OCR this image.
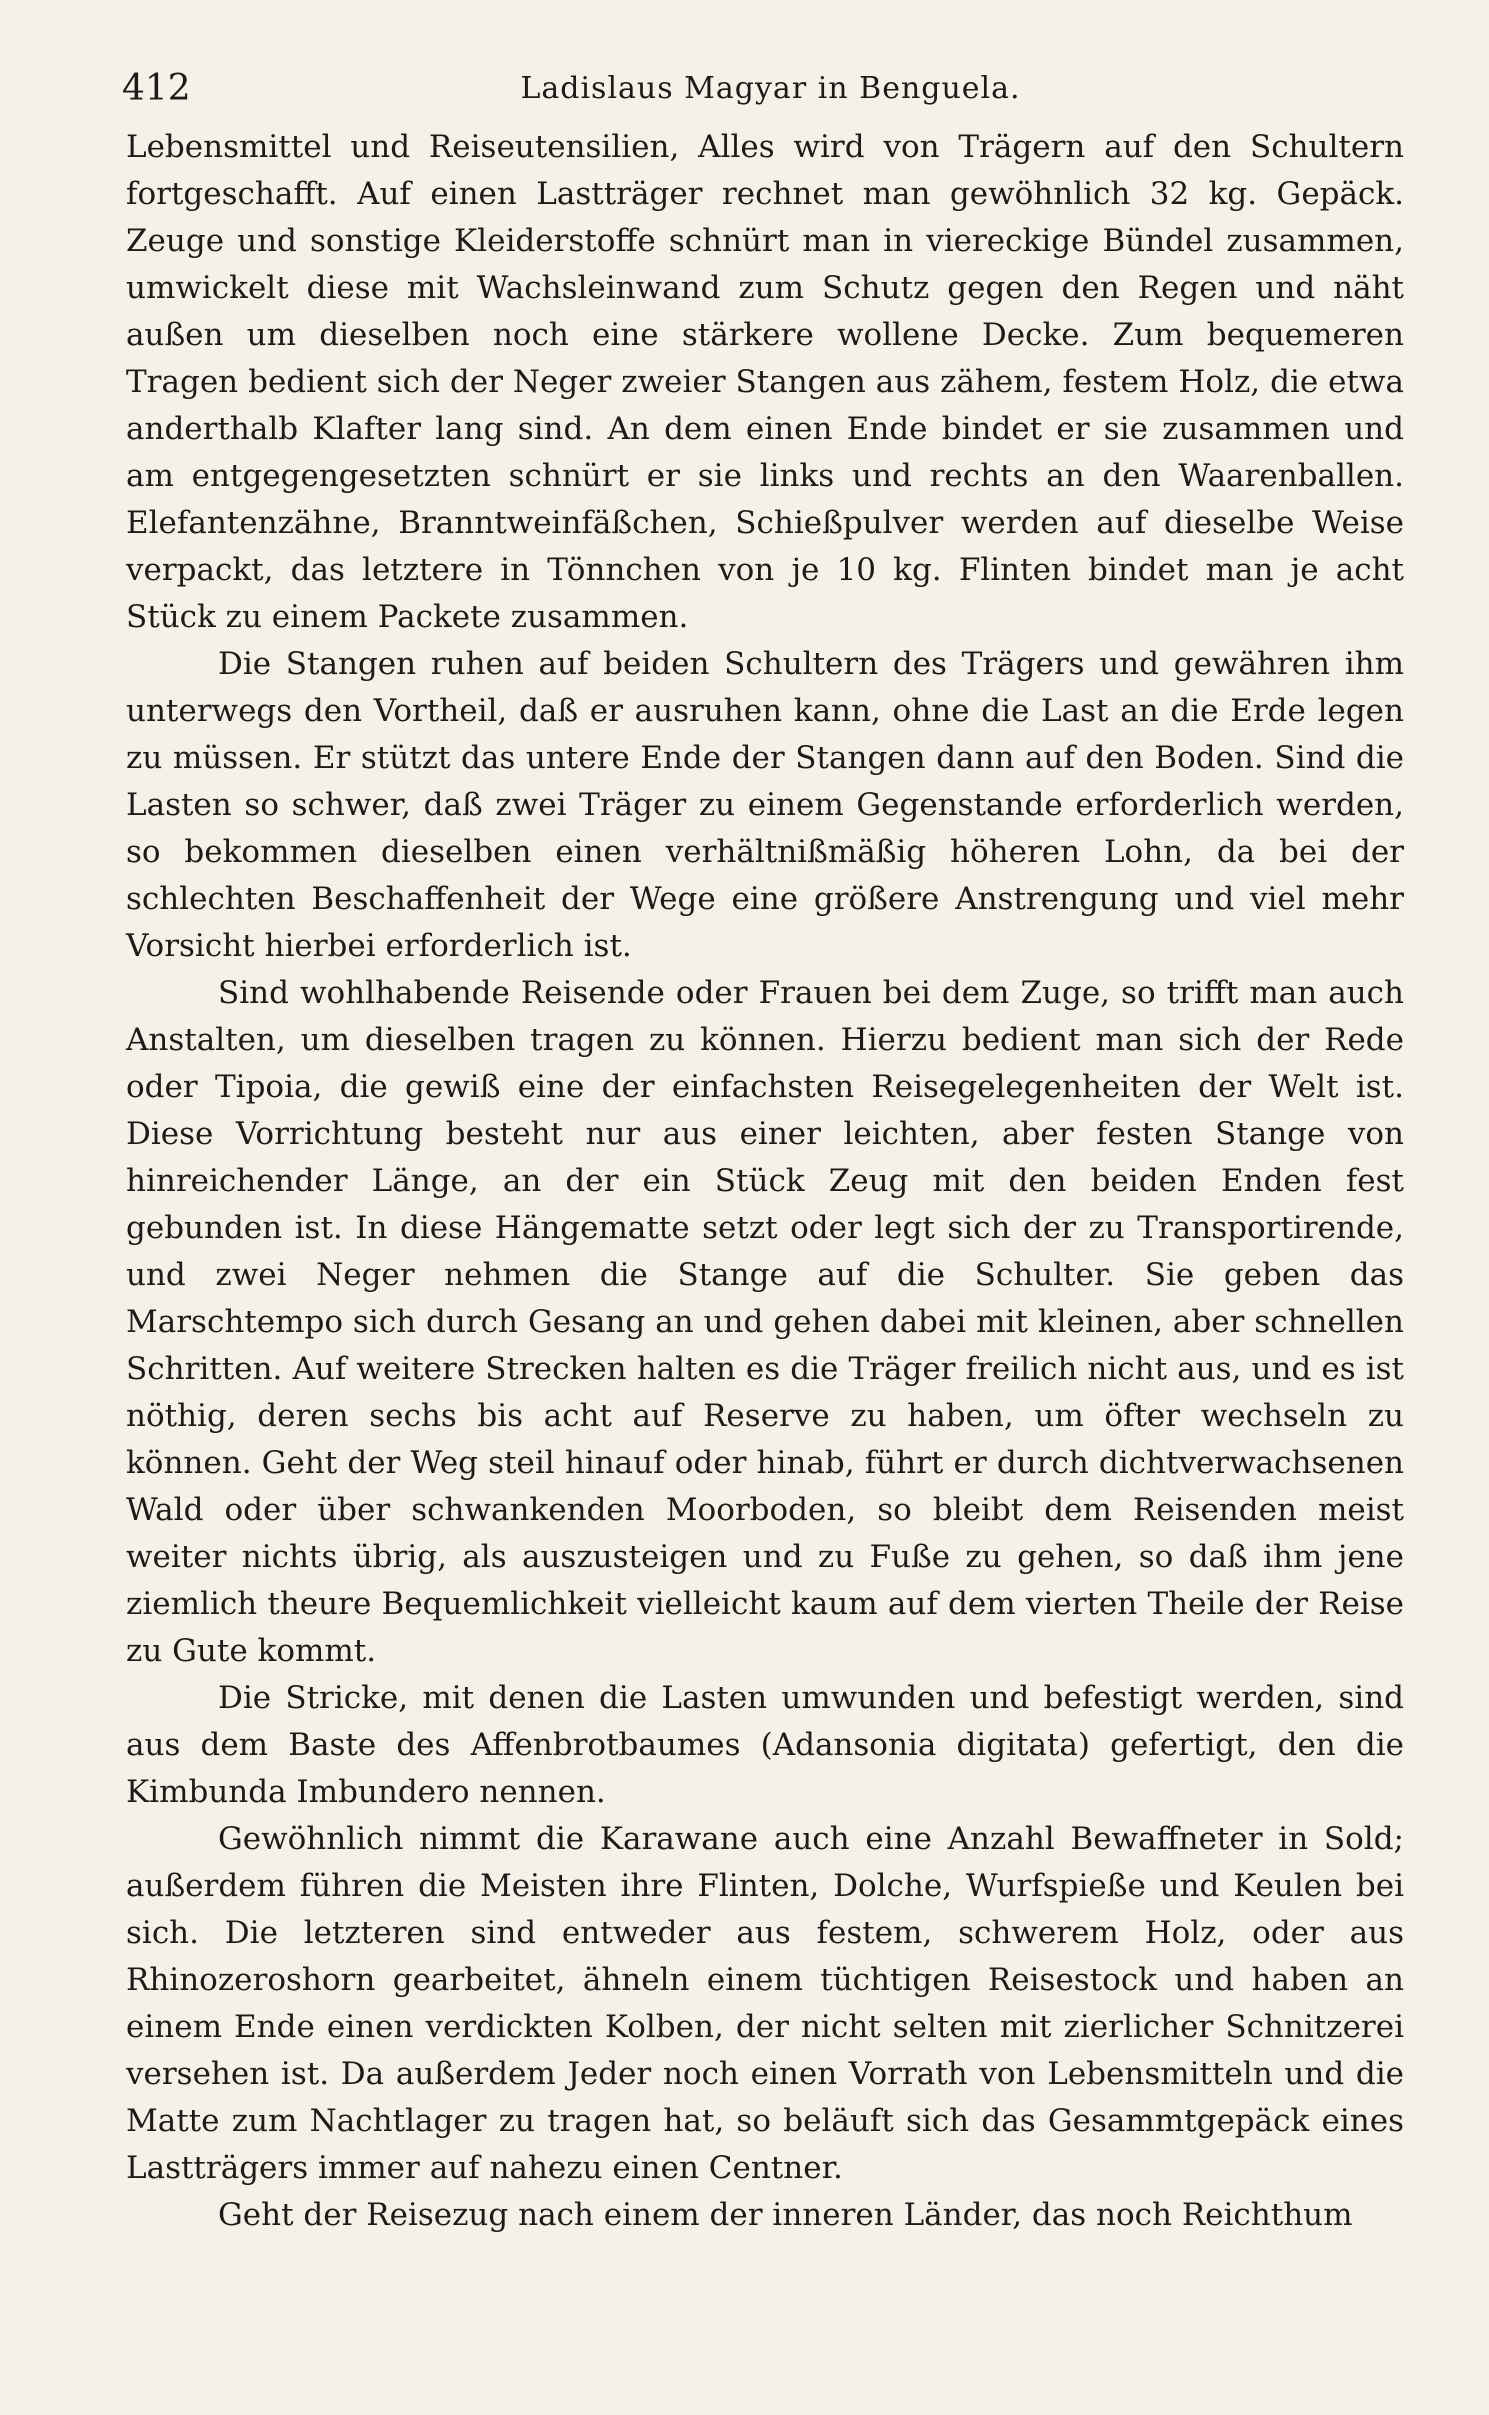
412	Ladislaus Magyar in Benguela.

Lebensmittel und Reiseutensilien, Alles wird von Trägern auf den Schultern fortgeschafft. Auf einen Lastträger rechnet man gewöhnlich 32 kg. Gepäck. Zeuge und sonstige Kleiderstoffe schnürt man in viereckige Bündel zusammen, umwickelt diese mit Wachsleinwand zum Schutz gegen den Regen und näht außen um dieselben noch eine stärkere wollene Decke. Zum bequemeren Tragen bedient sich der Neger zweier Stangen aus zähem, festem Holz, die etwa anderthalb Klafter lang sind. An dem einen Ende bindet er sie zusammen und am entgegengesetzten schnürt er sie links und rechts an den Waarenballen. Elefantenzähne, Branntweinfäßchen, Schießpulver werden auf dieselbe Weise verpackt, das letztere in Tönnchen von je 10 kg. Flinten bindet man je acht Stück zu einem Packete zusammen.

Die Stangen ruhen auf beiden Schultern des Trägers und gewähren ihm unterwegs den Vortheil, daß er ausruhen kann, ohne die Last an die Erde legen zu müssen. Er stützt das untere Ende der Stangen dann auf den Boden. Sind die Lasten so schwer, daß zwei Träger zu einem Gegenstande erforderlich werden, so bekommen dieselben einen verhältnißmäßig höheren Lohn, da bei der schlechten Beschaffenheit der Wege eine größere Anstrengung und viel mehr Vorsicht hierbei erforderlich ist.

Sind wohlhabende Reisende oder Frauen bei dem Zuge, so trifft man auch Anstalten, um dieselben tragen zu können. Hierzu bedient man sich der Rede oder Tipoia, die gewiß eine der einfachsten Reisegelegenheiten der Welt ist. Diese Vorrichtung besteht nur aus einer leichten, aber festen Stange von hinreichender Länge, an der ein Stück Zeug mit den beiden Enden fest gebunden ist. In diese Hängematte setzt oder legt sich der zu Transportirende, und zwei Neger nehmen die Stange auf die Schulter. Sie geben das Marschtempo sich durch Gesang an und gehen dabei mit kleinen, aber schnellen Schritten. Auf weitere Strecken halten es die Träger freilich nicht aus, und es ist nöthig, deren sechs bis acht auf Reserve zu haben, um öfter wechseln zu können. Geht der Weg steil hinauf oder hinab, führt er durch dichtverwachsenen Wald oder über schwankenden Moorboden, so bleibt dem Reisenden meist weiter nichts übrig, als auszusteigen und zu Fuße zu gehen, so daß ihm jene ziemlich theure Bequemlichkeit vielleicht kaum auf dem vierten Theile der Reise zu Gute kommt.

Die Stricke, mit denen die Lasten umwunden und befestigt werden, sind aus dem Baste des Affenbrotbaumes (Adansonia digitata) gefertigt, den die Kimbunda Imbundero nennen.

Gewöhnlich nimmt die Karawane auch eine Anzahl Bewaffneter in Sold; außerdem führen die Meisten ihre Flinten, Dolche, Wurfspieße und Keulen bei sich. Die letzteren sind entweder aus festem, schwerem Holz, oder aus Rhinozeroshorn gearbeitet, ähneln einem tüchtigen Reisestock und haben an einem Ende einen verdickten Kolben, der nicht selten mit zierlicher Schnitzerei versehen ist. Da außerdem Jeder noch einen Vorrath von Lebensmitteln und die Matte zum Nachtlager zu tragen hat, so beläuft sich das Gesammtgepäck eines Lastträgers immer auf nahezu einen Centner.

Geht der Reisezug nach einem der inneren Länder, das noch Reichthum
